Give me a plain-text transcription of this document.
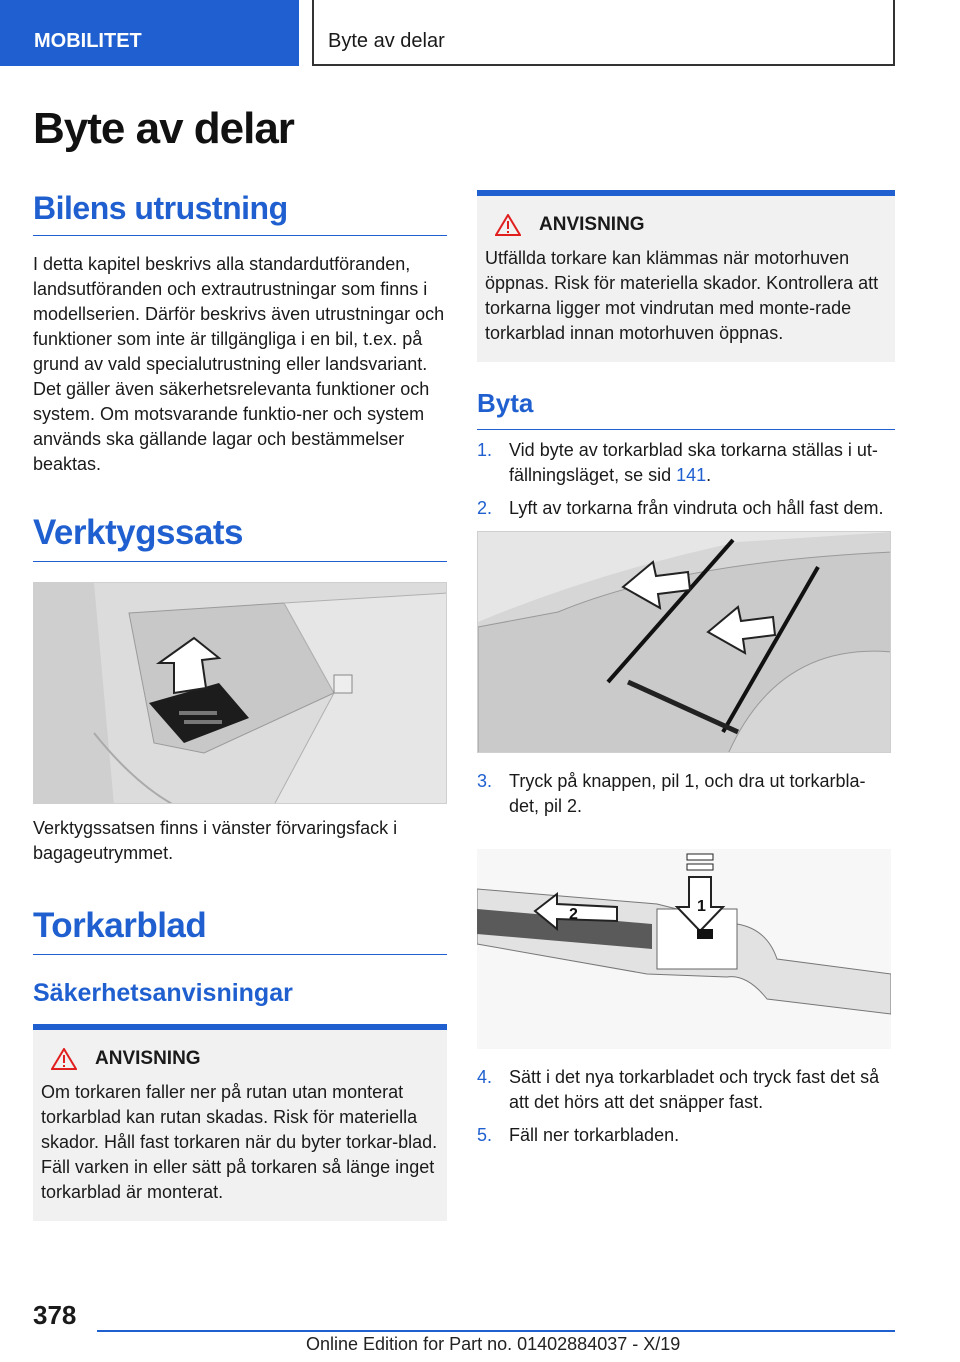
MOBILITET	Byte av delar
Byte av delar
Bilens utrustning

I detta kapitel beskrivs alla standardutföranden, landsutföranden och extrautrustningar som finns i modellserien. Därför beskrivs även utrustningar och funktioner som inte är tillgängliga i en bil, t.ex. på grund av vald specialutrustning eller landsvariant. Det gäller även säkerhetsrelevanta funktioner och system. Om motsvarande funktio-ner och system används ska gällande lagar och bestämmelser beaktas.

Verktygssats

Verktygssatsen finns i vänster förvaringsfack i bagageutrymmet.

Torkarblad
Säkerhetsanvisningar
ANVISNING

Om torkaren faller ner på rutan utan monterat torkarblad kan rutan skadas. Risk för materiella skador. Håll fast torkaren när du byter torkar-blad. Fäll varken in eller sätt på torkaren så länge inget torkarblad är monterat.

ANVISNING

Utfällda torkare kan klämmas när motorhuven öppnas. Risk för materiella skador. Kontrollera att torkarna ligger mot vindrutan med monte-rade torkarblad innan motorhuven öppnas.

Byta
1. Vid byte av torkarblad ska torkarna ställas i ut-fällningsläget, se sid 141.
2. Lyft av torkarna från vindruta och håll fast dem.
3. Tryck på knappen, pil 1, och dra ut torkarbla-det, pil 2.
1
2
4. Sätt i det nya torkarbladet och tryck fast det så att det hörs att det snäpper fast.
5. Fäll ner torkarbladen.
378
Online Edition for Part no. 01402884037 - X/19
